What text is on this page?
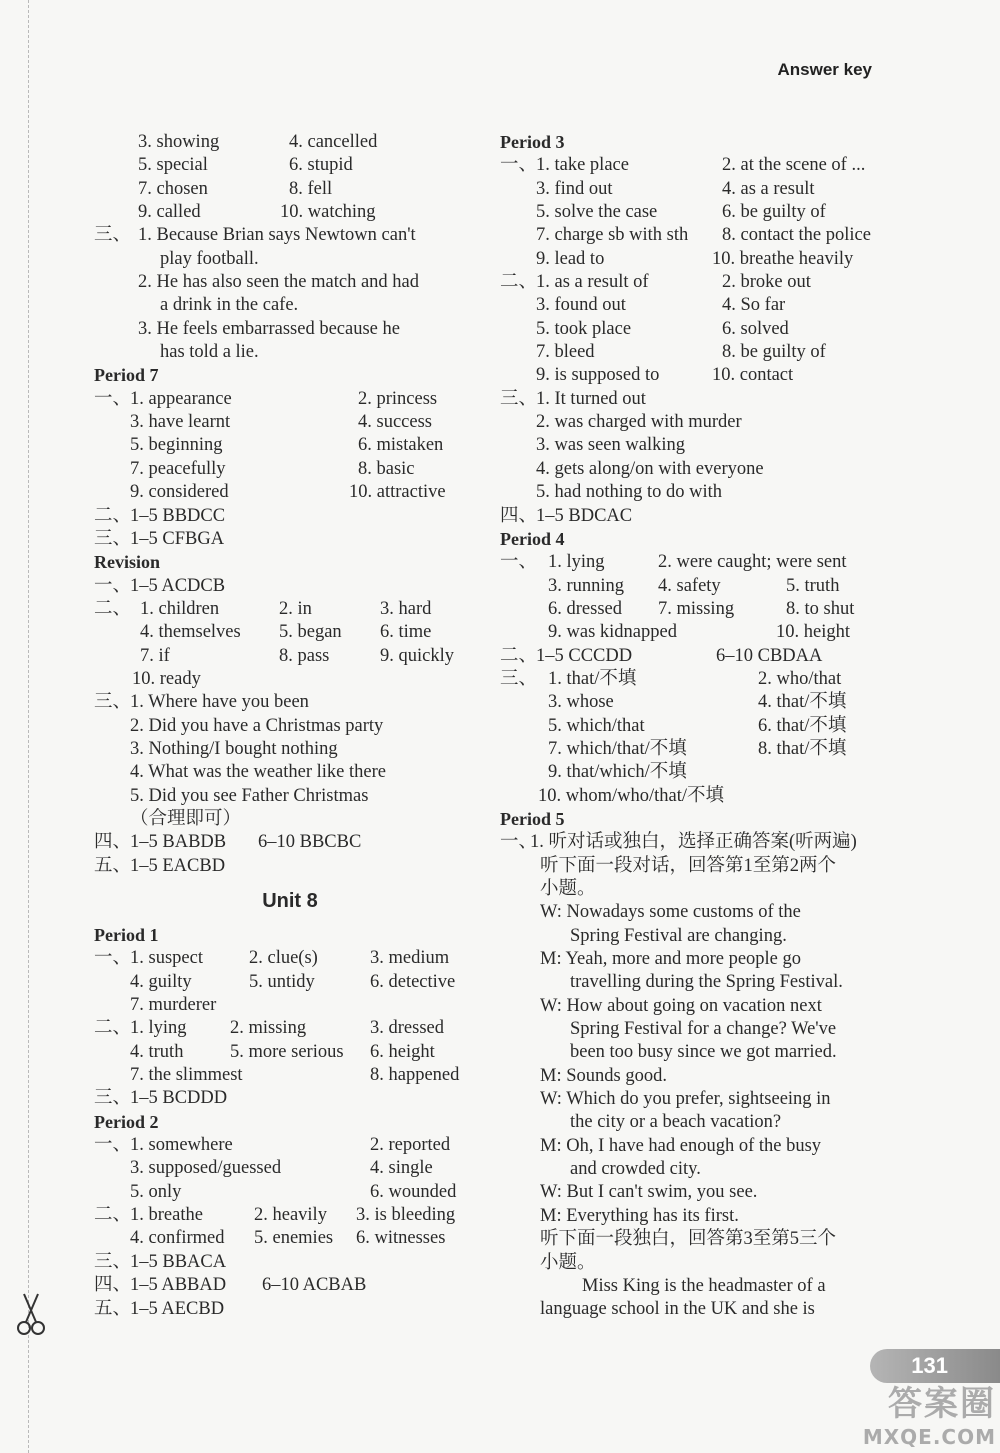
Answer key
3. showing	4. cancelled
5. special	6. stupid
7. chosen	8. fell
9. called	10. watching
三、 1. Because Brian says Newtown can't
play football.
2. He has also seen the match and had
a drink in the cafe.
3. He feels embarrassed because he
has told a lie.
Period 7
一、
1. appearance	2. princess
3. have learnt	4. success
5. beginning	6. mistaken
7. peacefully	8. basic
9. considered	10. attractive
二、
1–5 BBDCC
三、
1–5 CFBGA
Revision
一、
1–5 ACDCB
二、 1. children	2. in	3. hard
4. themselves 5. began 6. time
7. if	8. pass	9. quickly
10. ready
三、
1. Where have you been
2. Did you have a Christmas party
3. Nothing/I bought nothing
4. What was the weather like there
5. Did you see Father Christmas
（合理即可）
四、
1–5 BABDB 6–10 BBCBC
五、
1–5 EACBD
Unit 8
Period 1
一、
1. suspect 2. clue(s)	3. medium
4. guilty	5. untidy	6. detective
7. murderer
二、
1. lying 2. missing	3. dressed
4. truth	5. more serious 6. height
7. the slimmest	8. happened
三、
1–5 BCDDD
Period 2
一、
1. somewhere	2. reported
3. supposed/guessed	4. single
5. only	6. wounded
二、
1. breathe	2. heavily 3. is bleeding
4. confirmed 5. enemies 6. witnesses
三、
1–5 BBACA
四、
1–5 ABBAD 6–10 ACBAB
五、
1–5 AECBD
Period 3
一、
1. take place	2. at the scene of ...
3. find out	4. as a result
5. solve the case	6. be guilty of
7. charge sb with sth 8. contact the police
9. lead to	10. breathe heavily
二、
1. as a result of	2. broke out
3. found out	4. So far
5. took place	6. solved
7. bleed	8. be guilty of
9. is supposed to	10. contact
三、
1. It turned out
2. was charged with murder
3. was seen walking
4. gets along/on with everyone
5. had nothing to do with
四、
1–5 BDCAC
Period 4
一、 1. lying	2. were caught; were sent
3. running 4. safety	5. truth
6. dressed 7. missing	8. to shut
9. was kidnapped	10. height
二、
1–5 CCCDD	6–10 CBDAA
三、 1. that/不填	2. who/that
3. whose	4. that/不填
5. which/that	6. that/不填
7. which/that/不填	8. that/不填
9. that/which/不填
10. whom/who/that/不填
Period 5
一、
1. 听对话或独白，选择正确答案(听两遍)
听下面一段对话，回答第1至第2两个
小题。
W: Nowadays some customs of the
Spring Festival are changing.
M: Yeah, more and more people go
travelling during the Spring Festival.
W: How about going on vacation next
Spring Festival for a change? We've
been too busy since we got married.
M: Sounds good.
W: Which do you prefer, sightseeing in
the city or a beach vacation?
M: Oh, I have had enough of the busy
and crowded city.
W: But I can't swim, you see.
M: Everything has its first.
听下面一段独白，回答第3至第5三个
小题。
Miss King is the headmaster of a
language school in the UK and she is
131
答案圈
MXQE.COM
